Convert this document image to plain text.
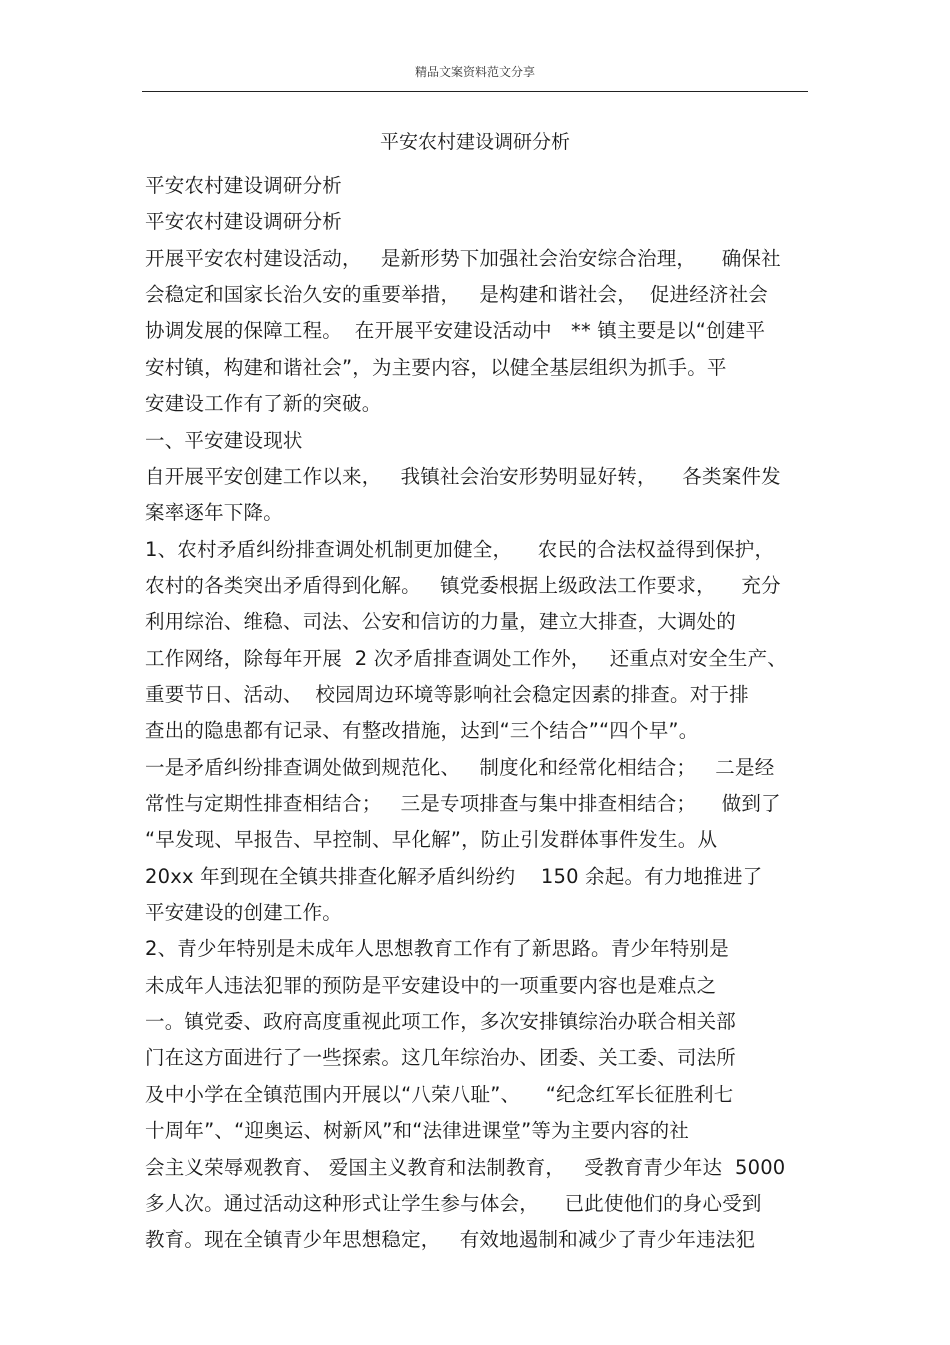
精品文案资料范文分享
平安农村建设调研分析

平安农村建设调研分析

平安农村建设调研分析

开展平安农村建设活动，   是新形势下加强社会治安综合治理，    确保社

会稳定和国家长治久安的重要举措，   是构建和谐社会，  促进经济社会

协调发展的保障工程。  在开展平安建设活动中   ** 镇主要是以“创建平

安村镇，构建和谐社会”，为主要内容，以健全基层组织为抓手。平

安建设工作有了新的突破。

一、平安建设现状

自开展平安创建工作以来，   我镇社会治安形势明显好转，    各类案件发

案率逐年下降。

1、农村矛盾纠纷排查调处机制更加健全，    农民的合法权益得到保护，

农村的各类突出矛盾得到化解。   镇党委根据上级政法工作要求，    充分

利用综治、维稳、司法、公安和信访的力量，建立大排查，大调处的

工作网络，除每年开展  2 次矛盾排查调处工作外，   还重点对安全生产、

重要节日、活动、  校园周边环境等影响社会稳定因素的排查。对于排

查出的隐患都有记录、有整改措施，达到“三个结合”“四个早”。

一是矛盾纠纷排查调处做到规范化、   制度化和经常化相结合；   二是经

常性与定期性排查相结合；   三是专项排查与集中排查相结合；    做到了

“早发现、早报告、早控制、早化解”，防止引发群体事件发生。从

20xx 年到现在全镇共排查化解矛盾纠纷约    150 余起。有力地推进了

平安建设的创建工作。

2、青少年特别是未成年人思想教育工作有了新思路。青少年特别是

未成年人违法犯罪的预防是平安建设中的一项重要内容也是难点之

一。镇党委、政府高度重视此项工作，多次安排镇综治办联合相关部

门在这方面进行了一些探索。这几年综治办、团委、关工委、司法所

及中小学在全镇范围内开展以“八荣八耻”、    “纪念红军长征胜利七

十周年”、“迎奥运、树新风”和“法律进课堂”等为主要内容的社

会主义荣辱观教育、 爱国主义教育和法制教育，   受教育青少年达  5000

多人次。通过活动这种形式让学生参与体会，    已此使他们的身心受到

教育。现在全镇青少年思想稳定，   有效地遏制和减少了青少年违法犯
